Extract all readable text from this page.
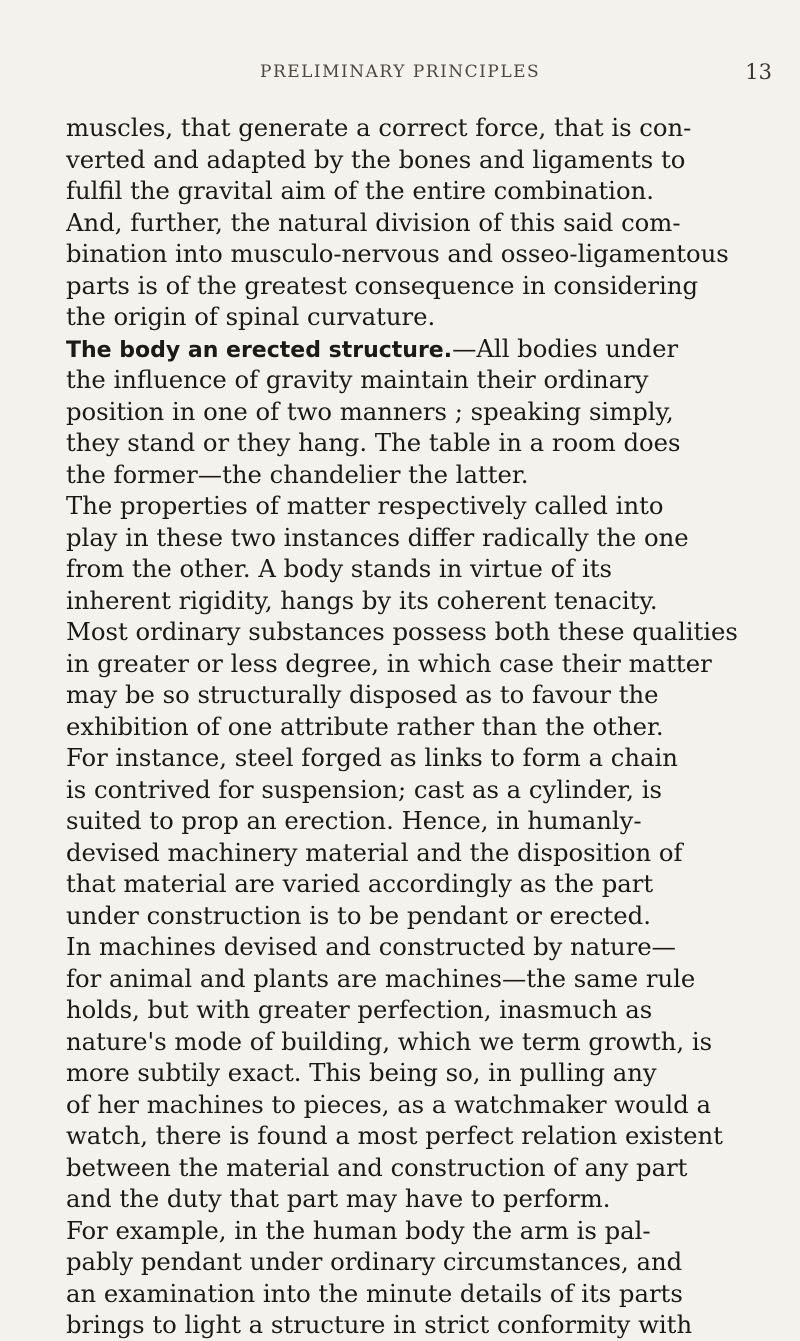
PRELIMINARY PRINCIPLES	13
muscles, that generate a correct force, that is con-
verted and adapted by the bones and ligaments to
fulfil the gravital aim of the entire combination.
And, further, the natural division of this said com-
bination into musculo-nervous and osseo-ligamentous
parts is of the greatest consequence in considering
the origin of spinal curvature.
The body an erected structure.—All bodies under
the influence of gravity maintain their ordinary
position in one of two manners ; speaking simply,
they stand or they hang. The table in a room does
the former—the chandelier the latter.
The properties of matter respectively called into
play in these two instances differ radically the one
from the other. A body stands in virtue of its
inherent rigidity, hangs by its coherent tenacity.
Most ordinary substances possess both these qualities
in greater or less degree, in which case their matter
may be so structurally disposed as to favour the
exhibition of one attribute rather than the other.
For instance, steel forged as links to form a chain
is contrived for suspension; cast as a cylinder, is
suited to prop an erection. Hence, in humanly-
devised machinery material and the disposition of
that material are varied accordingly as the part
under construction is to be pendant or erected.
In machines devised and constructed by nature—
for animal and plants are machines—the same rule
holds, but with greater perfection, inasmuch as
nature's mode of building, which we term growth, is
more subtily exact. This being so, in pulling any
of her machines to pieces, as a watchmaker would a
watch, there is found a most perfect relation existent
between the material and construction of any part
and the duty that part may have to perform.
For example, in the human body the arm is pal-
pably pendant under ordinary circumstances, and
an examination into the minute details of its parts
brings to light a structure in strict conformity with
